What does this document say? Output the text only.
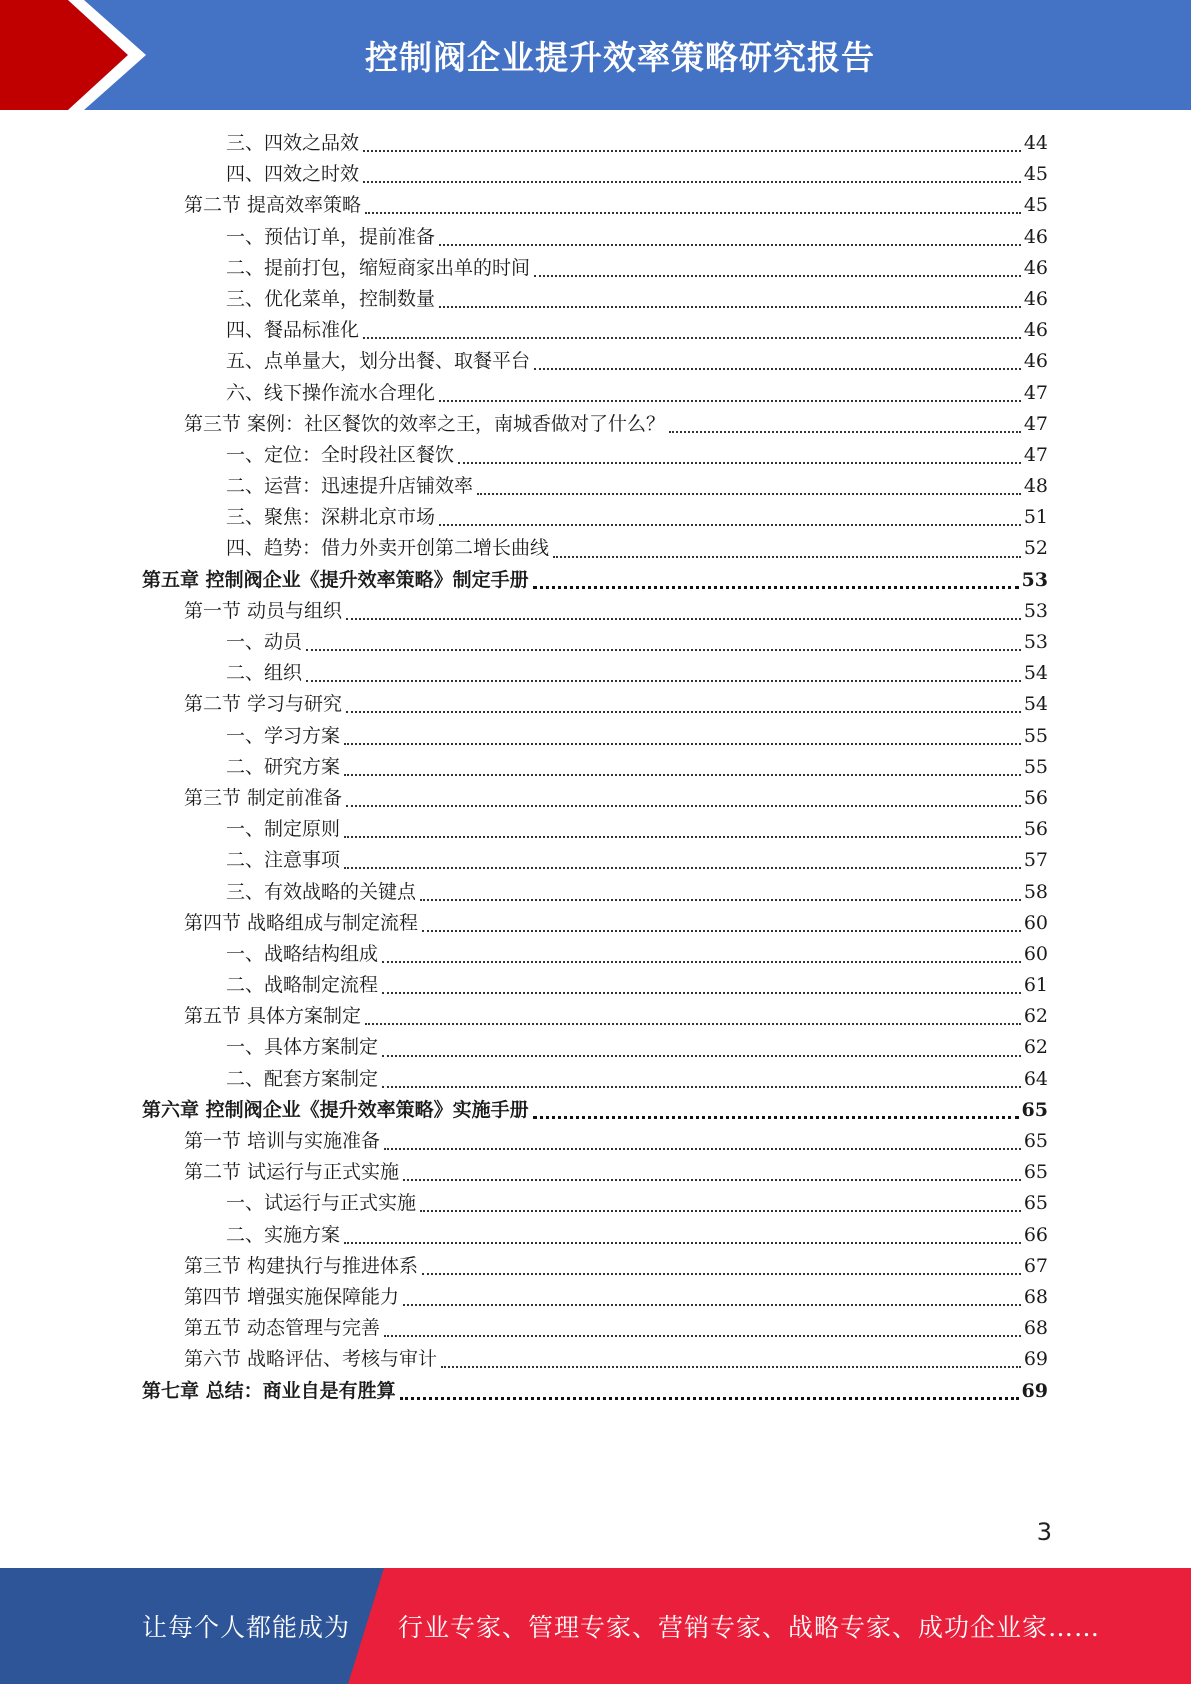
控制阀企业提升效率策略研究报告
三、四效之品效	44
四、四效之时效	45
第二节 提高效率策略	45
一、预估订单，提前准备	46
二、提前打包，缩短商家出单的时间	46
三、优化菜单，控制数量	46
四、餐品标准化	46
五、点单量大，划分出餐、取餐平台	46
六、线下操作流水合理化	47
第三节 案例：社区餐饮的效率之王，南城香做对了什么？	47
一、定位：全时段社区餐饮	47
二、运营：迅速提升店铺效率	48
三、聚焦：深耕北京市场	51
四、趋势：借力外卖开创第二增长曲线	52
第五章 控制阀企业《提升效率策略》制定手册	53
第一节 动员与组织	53
一、动员	53
二、组织	54
第二节 学习与研究	54
一、学习方案	55
二、研究方案	55
第三节 制定前准备	56
一、制定原则	56
二、注意事项	57
三、有效战略的关键点	58
第四节 战略组成与制定流程	60
一、战略结构组成	60
二、战略制定流程	61
第五节 具体方案制定	62
一、具体方案制定	62
二、配套方案制定	64
第六章 控制阀企业《提升效率策略》实施手册	65
第一节 培训与实施准备	65
第二节 试运行与正式实施	65
一、试运行与正式实施	65
二、实施方案	66
第三节 构建执行与推进体系	67
第四节 增强实施保障能力	68
第五节 动态管理与完善	68
第六节 战略评估、考核与审计	69
第七章 总结：商业自是有胜算	69
3
让每个人都能成为 行业专家、管理专家、营销专家、战略专家、成功企业家……
